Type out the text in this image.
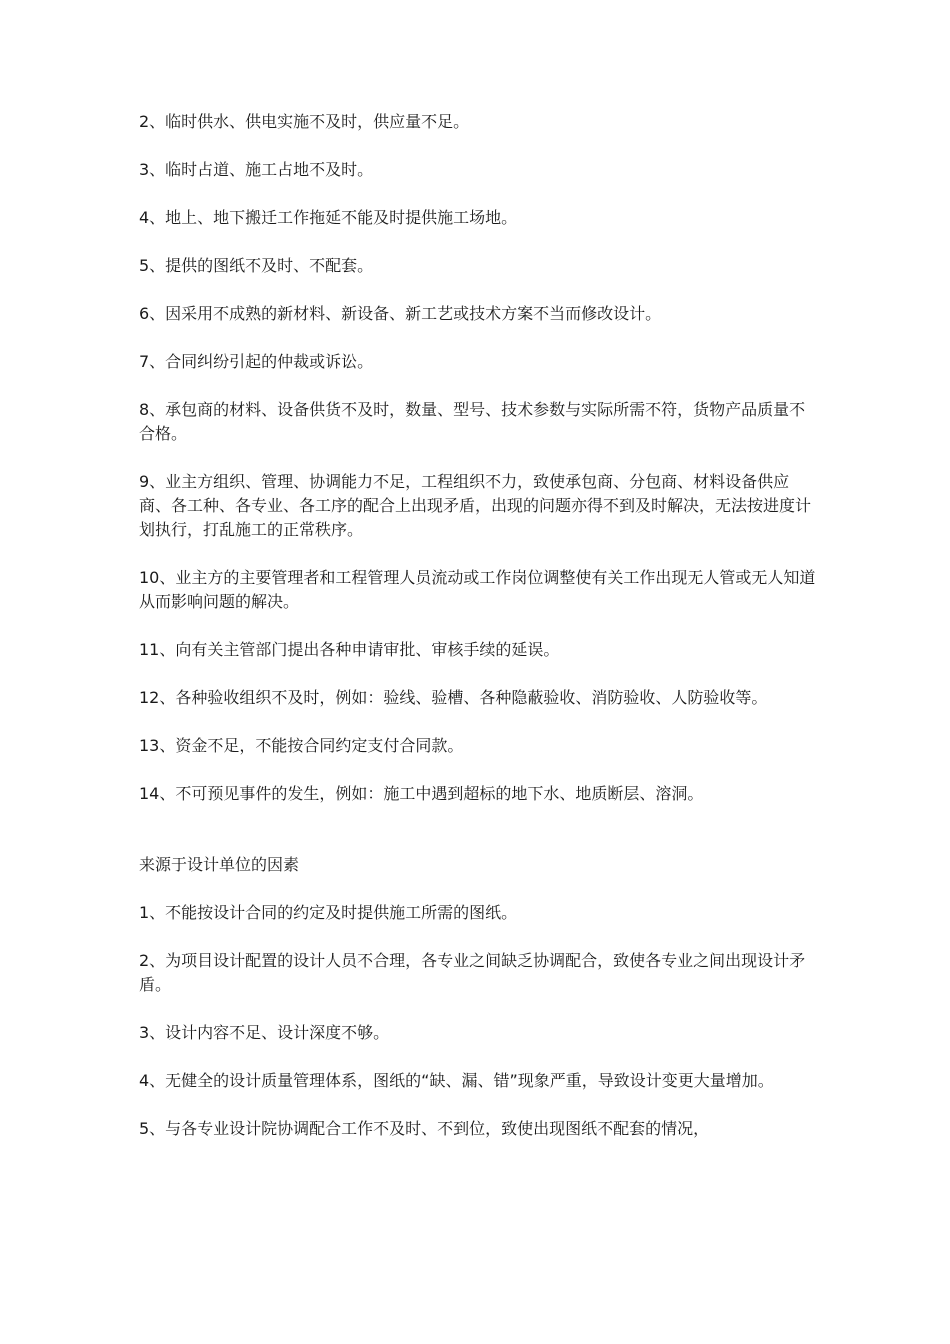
2、临时供水、供电实施不及时，供应量不足。

3、临时占道、施工占地不及时。

4、地上、地下搬迁工作拖延不能及时提供施工场地。

5、提供的图纸不及时、不配套。

6、因采用不成熟的新材料、新设备、新工艺或技术方案不当而修改设计。

7、合同纠纷引起的仲裁或诉讼。

8、承包商的材料、设备供货不及时，数量、型号、技术参数与实际所需不符，货物产品质量不合格。

9、业主方组织、管理、协调能力不足，工程组织不力，致使承包商、分包商、材料设备供应商、各工种、各专业、各工序的配合上出现矛盾，出现的问题亦得不到及时解决，无法按进度计划执行，打乱施工的正常秩序。

10、业主方的主要管理者和工程管理人员流动或工作岗位调整使有关工作出现无人管或无人知道从而影响问题的解决。

11、向有关主管部门提出各种申请审批、审核手续的延误。

12、各种验收组织不及时，例如：验线、验槽、各种隐蔽验收、消防验收、人防验收等。

13、资金不足，不能按合同约定支付合同款。

14、不可预见事件的发生，例如：施工中遇到超标的地下水、地质断层、溶洞。

来源于设计单位的因素

1、不能按设计合同的约定及时提供施工所需的图纸。

2、为项目设计配置的设计人员不合理，各专业之间缺乏协调配合，致使各专业之间出现设计矛盾。

3、设计内容不足、设计深度不够。

4、无健全的设计质量管理体系，图纸的“缺、漏、错”现象严重，导致设计变更大量增加。

5、与各专业设计院协调配合工作不及时、不到位，致使出现图纸不配套的情况，
